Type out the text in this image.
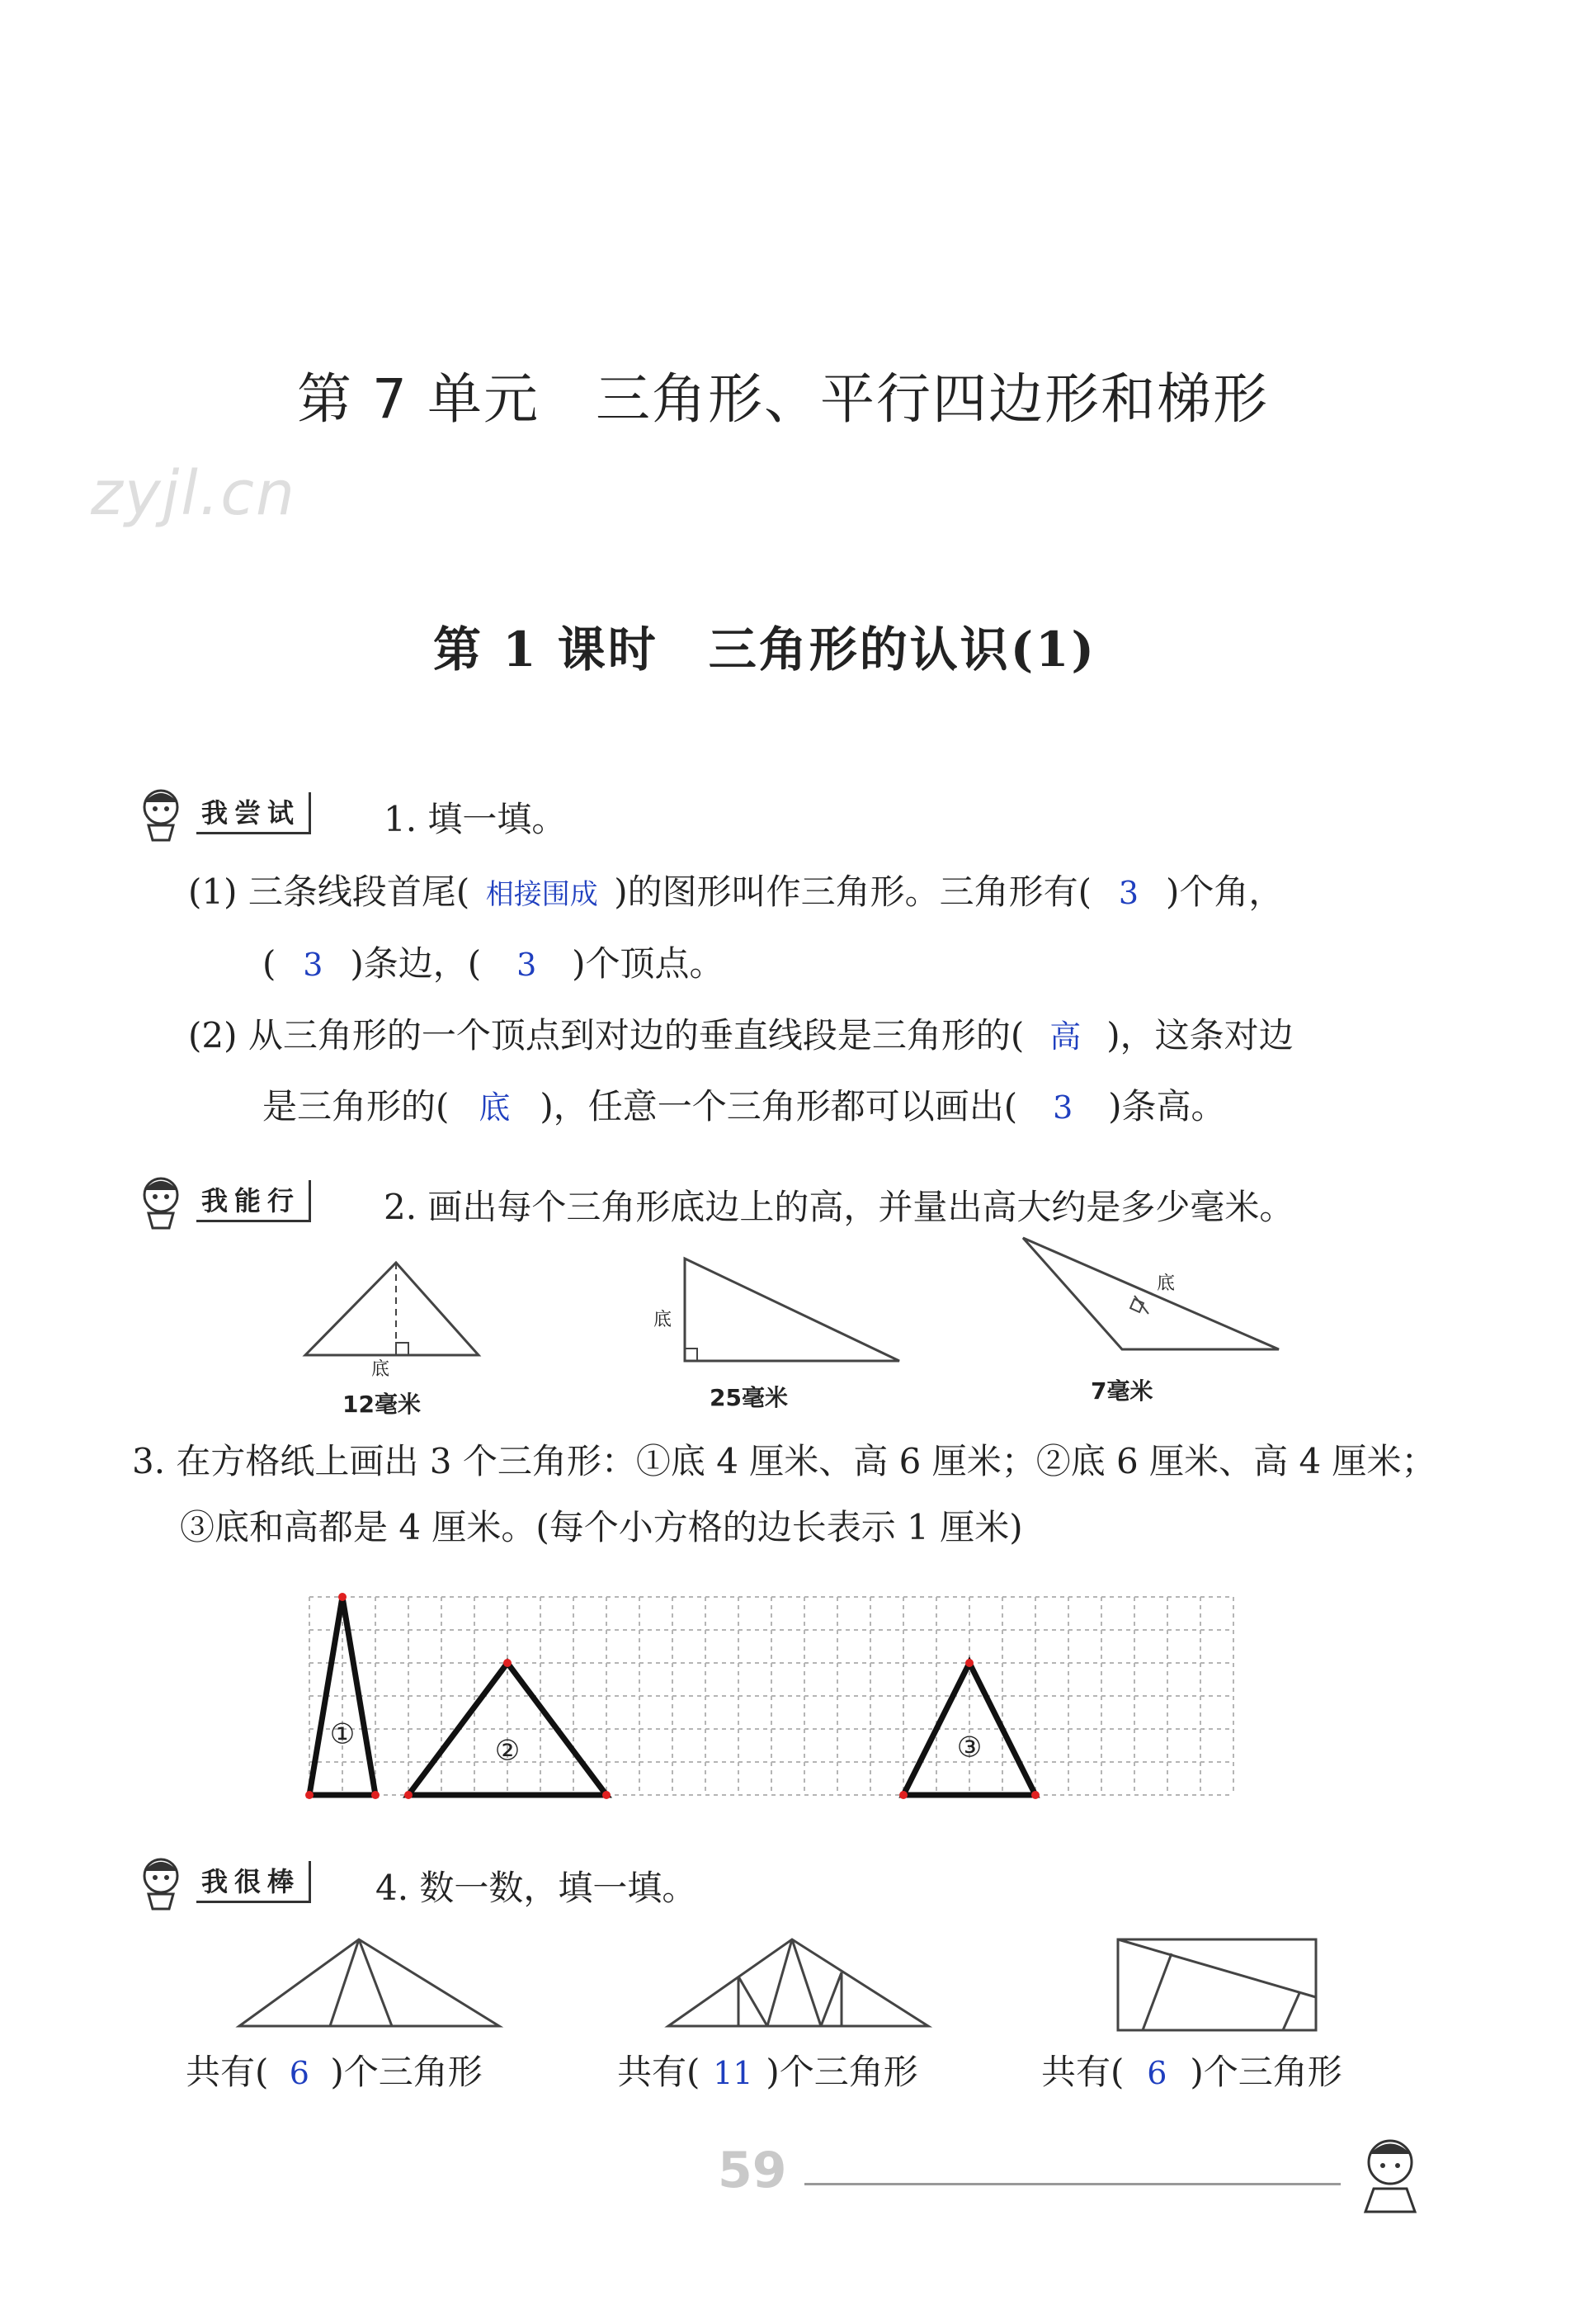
第 7 单元　三角形、平行四边形和梯形
zyjl.cn
第 1 课时　三角形的认识(1)
我尝试	1. 填一填。
(1) 三条线段首尾( 相接围成 )的图形叫作三角形。三角形有( 3 )个角，
( 3 )条边，( 3 )个顶点。
(2) 从三角形的一个顶点到对边的垂直线段是三角形的( 高 )，这条对边
是三角形的( 底 )，任意一个三角形都可以画出( 3 )条高。
我能行	2. 画出每个三角形底边上的高，并量出高大约是多少毫米。
底
12毫米
底
25毫米
底
7毫米
3. 在方格纸上画出 3 个三角形：①底 4 厘米、高 6 厘米；②底 6 厘米、高 4 厘米；
③底和高都是 4 厘米。(每个小方格的边长表示 1 厘米)
①	②	③
我很棒	4. 数一数，填一填。
共有( 6 )个三角形	共有( 11 )个三角形	共有( 6 )个三角形
59
